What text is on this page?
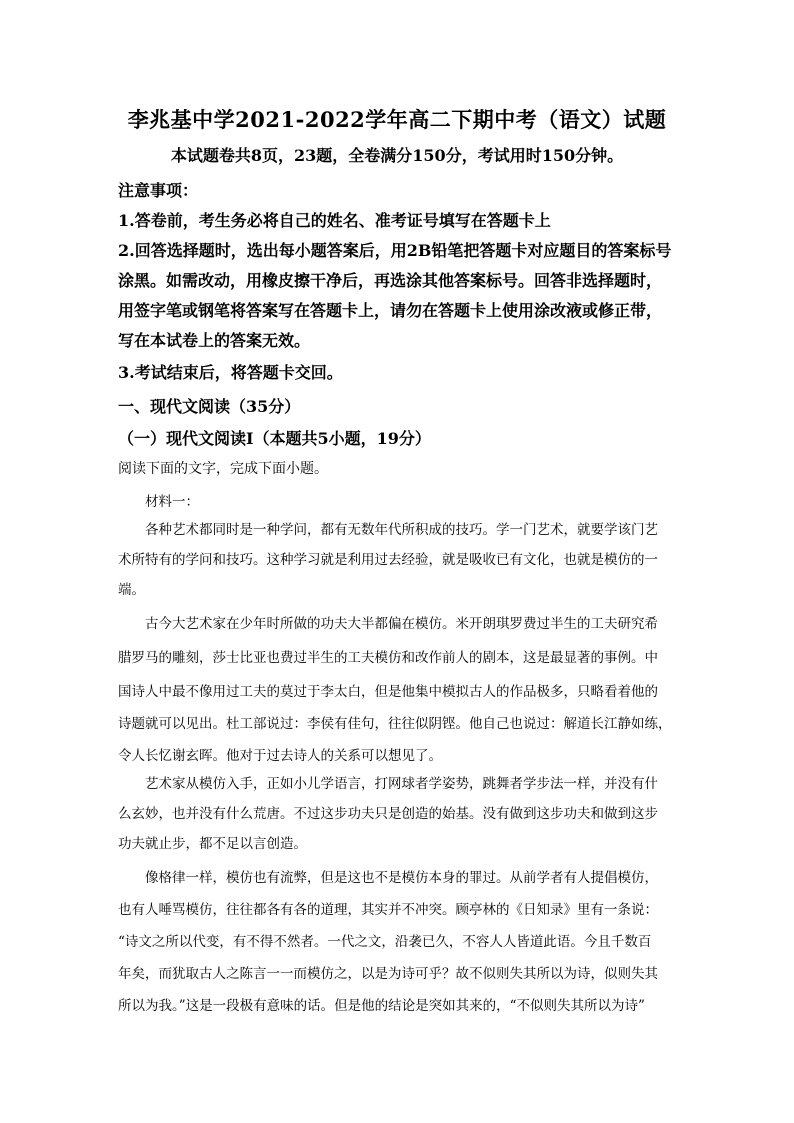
李兆基中学2021-2022学年高二下期中考（语文）试题
本试题卷共8页，23题，全卷满分150分，考试用时150分钟。
注意事项：
1.答卷前，考生务必将自己的姓名、准考证号填写在答题卡上
2.回答选择题时，选出每小题答案后，用2B铅笔把答题卡对应题目的答案标号
涂黑。如需改动，用橡皮擦干净后，再选涂其他答案标号。回答非选择题时，
用签字笔或钢笔将答案写在答题卡上，请勿在答题卡上使用涂改液或修正带，
写在本试卷上的答案无效。
3.考试结束后，将答题卡交回。
一、现代文阅读（35分）
（一）现代文阅读Ⅰ（本题共5小题，19分）
阅读下面的文字，完成下面小题。
材料一：
各种艺术都同时是一种学问，都有无数年代所积成的技巧。学一门艺术，就要学该门艺
术所特有的学问和技巧。这种学习就是利用过去经验，就是吸收已有文化，也就是模仿的一
端。
古今大艺术家在少年时所做的功夫大半都偏在模仿。米开朗琪罗费过半生的工夫研究希
腊罗马的雕刻，莎士比亚也费过半生的工夫模仿和改作前人的剧本，这是最显著的事例。中
国诗人中最不像用过工夫的莫过于李太白，但是他集中模拟古人的作品极多，只略看着他的
诗题就可以见出。杜工部说过：李侯有佳句，往往似阴铿。他自己也说过：解道长江静如练，
令人长忆谢玄晖。他对于过去诗人的关系可以想见了。
艺术家从模仿入手，正如小儿学语言，打网球者学姿势，跳舞者学步法一样，并没有什
么玄妙，也并没有什么荒唐。不过这步功夫只是创造的始基。没有做到这步功夫和做到这步
功夫就止步，都不足以言创造。
像格律一样，模仿也有流弊，但是这也不是模仿本身的罪过。从前学者有人提倡模仿，
也有人唾骂模仿，往往都各有各的道理，其实并不冲突。顾亭林的《日知录》里有一条说：
“诗文之所以代变，有不得不然者。一代之文，沿袭已久，不容人人皆道此语。今且千数百
年矣，而犹取古人之陈言一一而模仿之，以是为诗可乎？故不似则失其所以为诗，似则失其
所以为我。”这是一段极有意味的话。但是他的结论是突如其来的，“不似则失其所以为诗”
